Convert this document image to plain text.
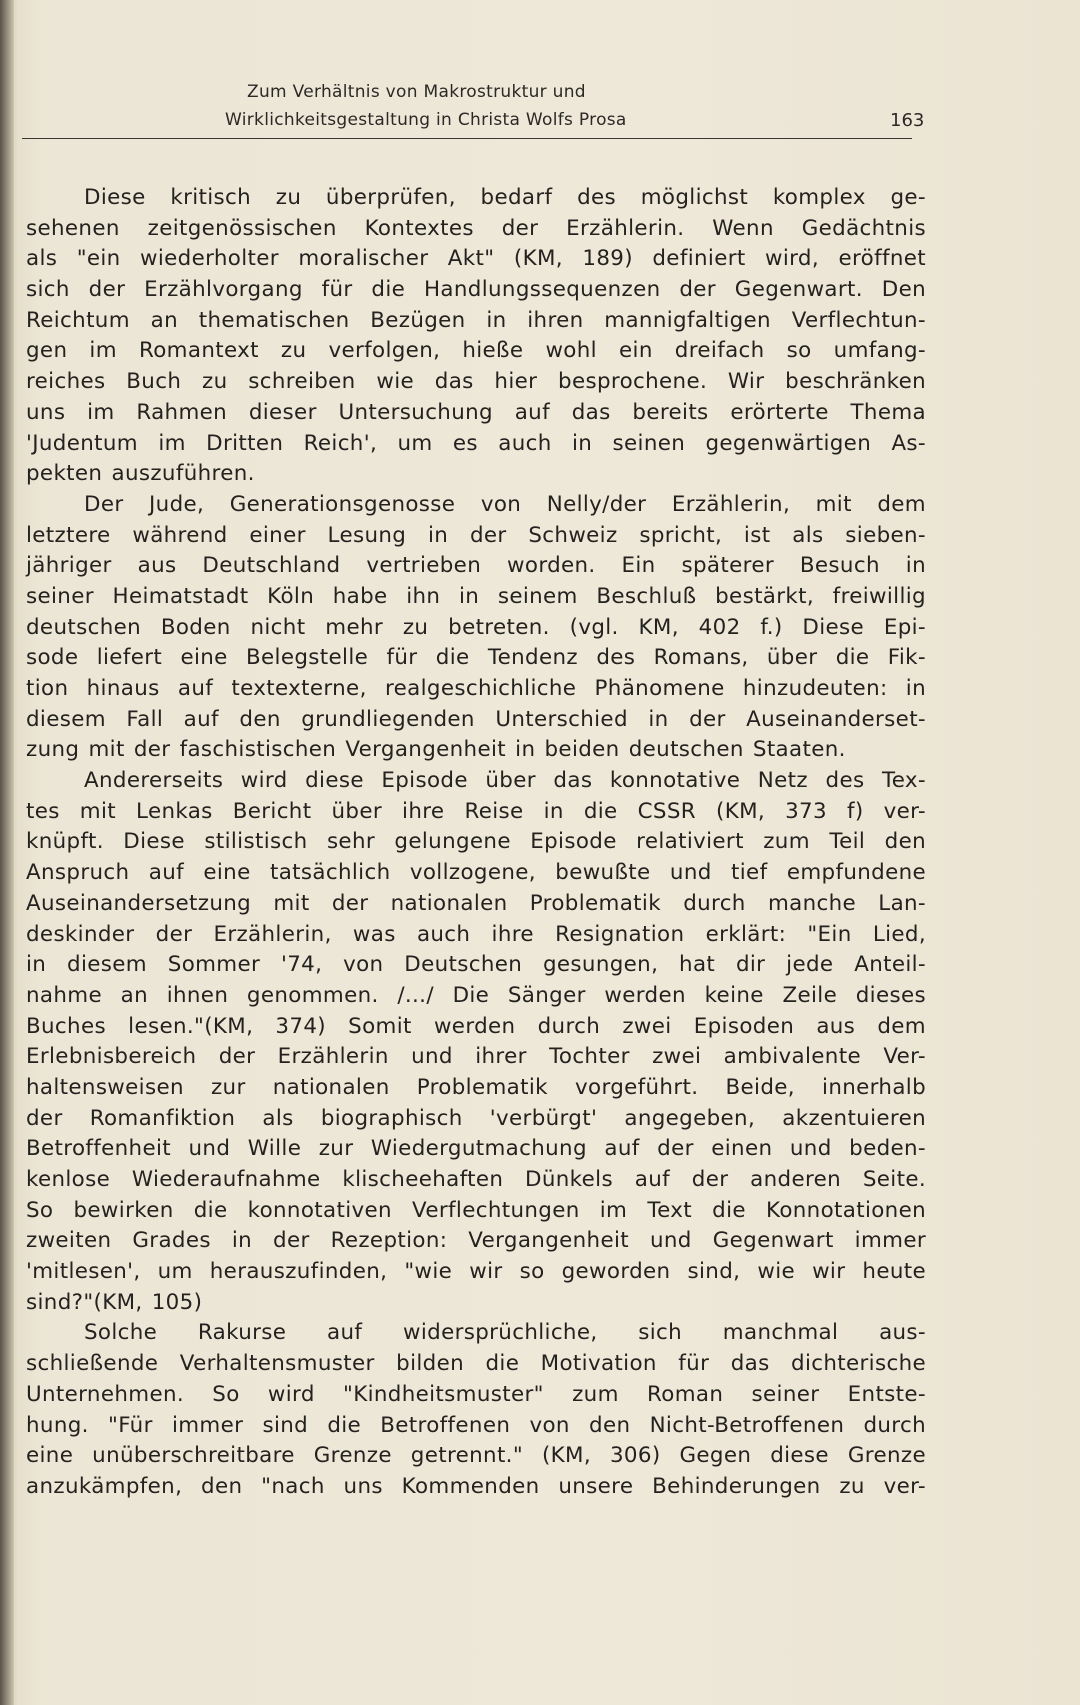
Zum Verhältnis von Makrostruktur und
Wirklichkeitsgestaltung in Christa Wolfs Prosa	163
Diese kritisch zu überprüfen, bedarf des möglichst komplex ge-
sehenen zeitgenössischen Kontextes der Erzählerin. Wenn Gedächtnis
als "ein wiederholter moralischer Akt" (KM, 189) definiert wird, eröffnet
sich der Erzählvorgang für die Handlungssequenzen der Gegenwart. Den
Reichtum an thematischen Bezügen in ihren mannigfaltigen Verflechtun-
gen im Romantext zu verfolgen, hieße wohl ein dreifach so umfang-
reiches Buch zu schreiben wie das hier besprochene. Wir beschränken
uns im Rahmen dieser Untersuchung auf das bereits erörterte Thema
'Judentum im Dritten Reich', um es auch in seinen gegenwärtigen As-
pekten auszuführen.
Der Jude, Generationsgenosse von Nelly/der Erzählerin, mit dem
letztere während einer Lesung in der Schweiz spricht, ist als sieben-
jähriger aus Deutschland vertrieben worden. Ein späterer Besuch in
seiner Heimatstadt Köln habe ihn in seinem Beschluß bestärkt, freiwillig
deutschen Boden nicht mehr zu betreten. (vgl. KM, 402 f.) Diese Epi-
sode liefert eine Belegstelle für die Tendenz des Romans, über die Fik-
tion hinaus auf textexterne, realgeschichliche Phänomene hinzudeuten: in
diesem Fall auf den grundliegenden Unterschied in der Auseinanderset-
zung mit der faschistischen Vergangenheit in beiden deutschen Staaten.
Andererseits wird diese Episode über das konnotative Netz des Tex-
tes mit Lenkas Bericht über ihre Reise in die CSSR (KM, 373 f) ver-
knüpft. Diese stilistisch sehr gelungene Episode relativiert zum Teil den
Anspruch auf eine tatsächlich vollzogene, bewußte und tief empfundene
Auseinandersetzung mit der nationalen Problematik durch manche Lan-
deskinder der Erzählerin, was auch ihre Resignation erklärt: "Ein Lied,
in diesem Sommer '74, von Deutschen gesungen, hat dir jede Anteil-
nahme an ihnen genommen. /.../ Die Sänger werden keine Zeile dieses
Buches lesen."(KM, 374) Somit werden durch zwei Episoden aus dem
Erlebnisbereich der Erzählerin und ihrer Tochter zwei ambivalente Ver-
haltensweisen zur nationalen Problematik vorgeführt. Beide, innerhalb
der Romanfiktion als biographisch 'verbürgt' angegeben, akzentuieren
Betroffenheit und Wille zur Wiedergutmachung auf der einen und beden-
kenlose Wiederaufnahme klischeehaften Dünkels auf der anderen Seite.
So bewirken die konnotativen Verflechtungen im Text die Konnotationen
zweiten Grades in der Rezeption: Vergangenheit und Gegenwart immer
'mitlesen', um herauszufinden, "wie wir so geworden sind, wie wir heute
sind?"(KM, 105)
Solche Rakurse auf widersprüchliche, sich manchmal aus-
schließende Verhaltensmuster bilden die Motivation für das dichterische
Unternehmen. So wird "Kindheitsmuster" zum Roman seiner Entste-
hung. "Für immer sind die Betroffenen von den Nicht-Betroffenen durch
eine unüberschreitbare Grenze getrennt." (KM, 306) Gegen diese Grenze
anzukämpfen, den "nach uns Kommenden unsere Behinderungen zu ver-
